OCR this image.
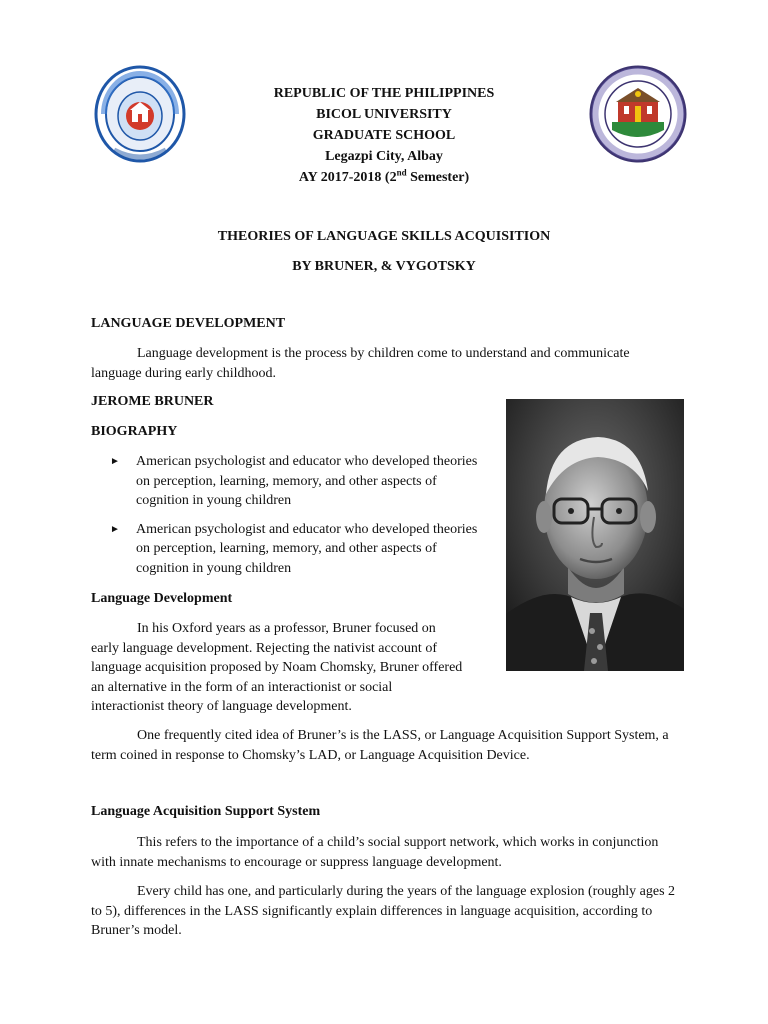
REPUBLIC OF THE PHILIPPINES
BICOL UNIVERSITY
GRADUATE SCHOOL
Legazpi City, Albay
AY 2017-2018 (2nd Semester)
THEORIES OF LANGUAGE SKILLS ACQUISITION
BY BRUNER, & VYGOTSKY
LANGUAGE DEVELOPMENT
Language development is the process by children come to understand and communicate language during early childhood.
JEROME BRUNER
BIOGRAPHY
► American psychologist and educator who developed theories on perception, learning, memory, and other aspects of cognition in young children
► American psychologist and educator who developed theories on perception, learning, memory, and other aspects of cognition in young children
Language Development
In his Oxford years as a professor, Bruner focused on early language development. Rejecting the nativist account of language acquisition proposed by Noam Chomsky, Bruner offered an alternative in the form of an interactionist or social interactionist theory of language development.
One frequently cited idea of Bruner’s is the LASS, or Language Acquisition Support System, a term coined in response to Chomsky’s LAD, or Language Acquisition Device.
Language Acquisition Support System
This refers to the importance of a child’s social support network, which works in conjunction with innate mechanisms to encourage or suppress language development.
Every child has one, and particularly during the years of the language explosion (roughly ages 2 to 5), differences in the LASS significantly explain differences in language acquisition, according to Bruner’s model.
